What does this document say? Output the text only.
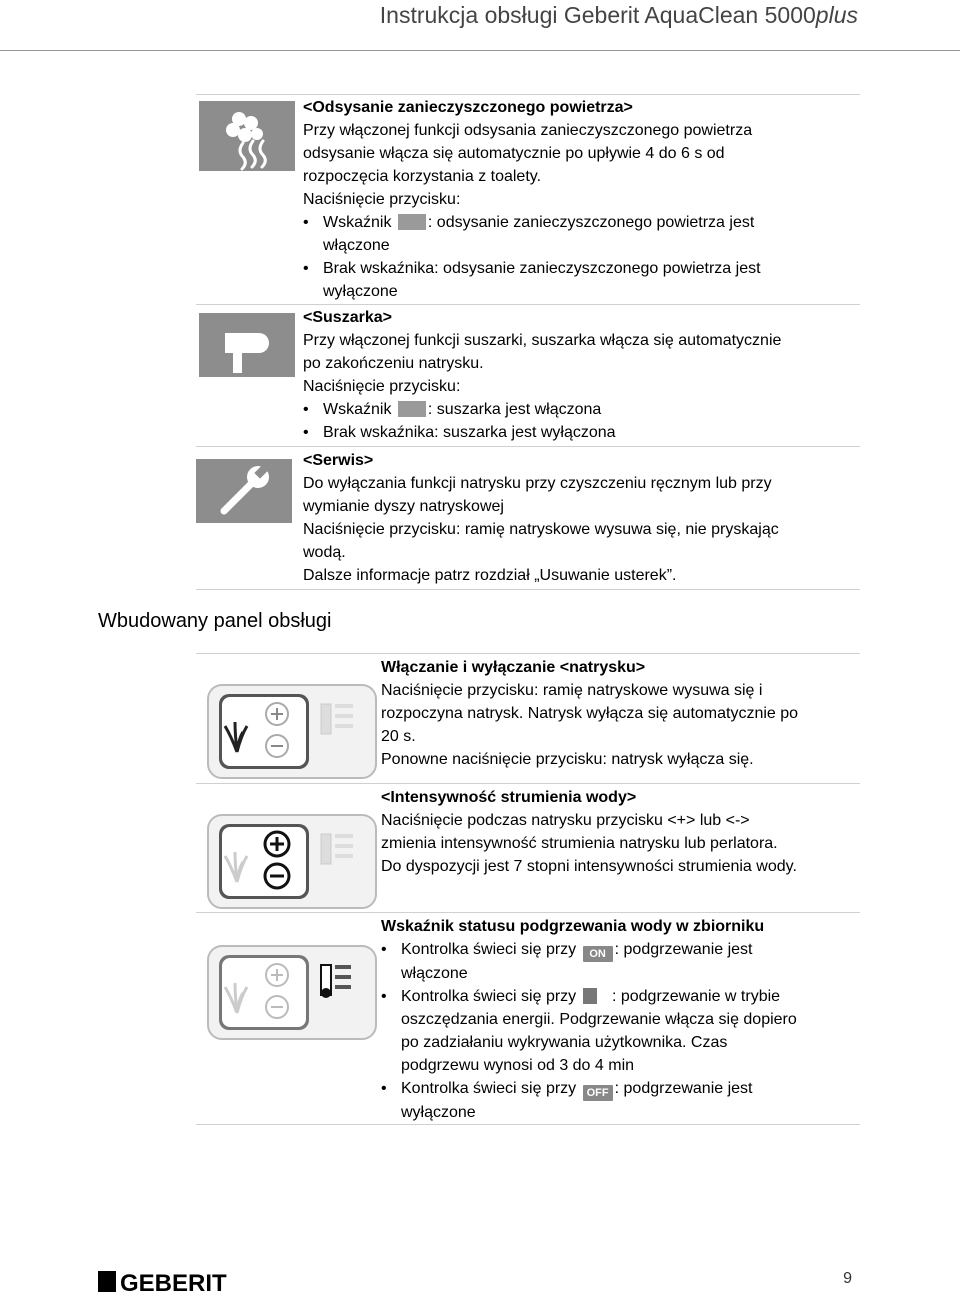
Instrukcja obsługi Geberit AquaClean 5000plus

<Odsysanie zanieczyszczonego powietrza>

Przy włączonej funkcji odsysania zanieczyszczonego powietrza

odsysanie włącza się automatycznie po upływie 4 do 6 s od

rozpoczęcia korzystania z toalety.

Naciśnięcie przycisku:

• Wskaźnik : odsysanie zanieczyszczonego powietrza jest
włączone
• Brak wskaźnika: odsysanie zanieczyszczonego powietrza jest
wyłączone

<Suszarka>

Przy włączonej funkcji suszarki, suszarka włącza się automatycznie

po zakończeniu natrysku.

Naciśnięcie przycisku:

• Wskaźnik : suszarka jest włączona
• Brak wskaźnika: suszarka jest wyłączona

<Serwis>

Do wyłączania funkcji natrysku przy czyszczeniu ręcznym lub przy

wymianie dyszy natryskowej

Naciśnięcie przycisku: ramię natryskowe wysuwa się, nie pryskając

wodą.

Dalsze informacje patrz rozdział „Usuwanie usterek”.

Wbudowany panel obsługi

Włączanie i wyłączanie <natrysku>

Naciśnięcie przycisku: ramię natryskowe wysuwa się i

rozpoczyna natrysk. Natrysk wyłącza się automatycznie po

20 s.

Ponowne naciśnięcie przycisku: natrysk wyłącza się.

<Intensywność strumienia wody>

Naciśnięcie podczas natrysku przycisku <+> lub <->

zmienia intensywność strumienia natrysku lub perlatora.

Do dyspozycji jest 7 stopni intensywności strumienia wody.

Wskaźnik statusu podgrzewania wody w zbiorniku

• Kontrolka świeci się przy ON : podgrzewanie jest
włączone
• Kontrolka świeci się przy : podgrzewanie w trybie
oszczędzania energii. Podgrzewanie włącza się dopiero
po zadziałaniu wykrywania użytkownika. Czas
podgrzewu wynosi od 3 do 4 min
• Kontrolka świeci się przy OFF : podgrzewanie jest
wyłączone
GEBERIT	9
